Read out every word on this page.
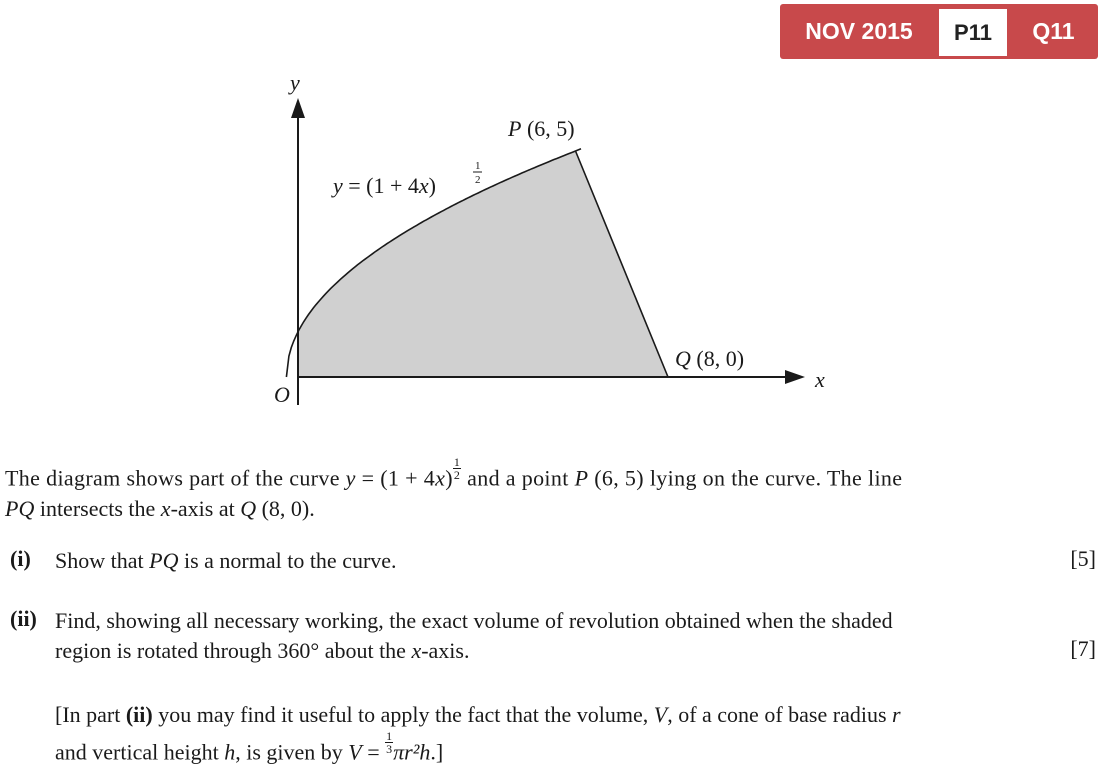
NOV 2015	P11	Q11
y
x
O
y = (1 + 4x)
1
2
P (6, 5)
Q (8, 0)
The diagram shows part of the curve $y = (1 + 4x) \frac{1}{2}$ and a point P (6, 5) lying on the curve. The line
PQ intersects the x-axis at Q (8, 0).
(i) Show that PQ is a normal to the curve.	[5]
(ii) Find, showing all necessary working, the exact volume of revolution obtained when the shaded
region is rotated through 360° about the x-axis.	[7]
[In part (ii) you may find it useful to apply the fact that the volume, V, of a cone of base radius r
and vertical height h, is given by $V = \frac{1}{3} \pi r^2h$.]
